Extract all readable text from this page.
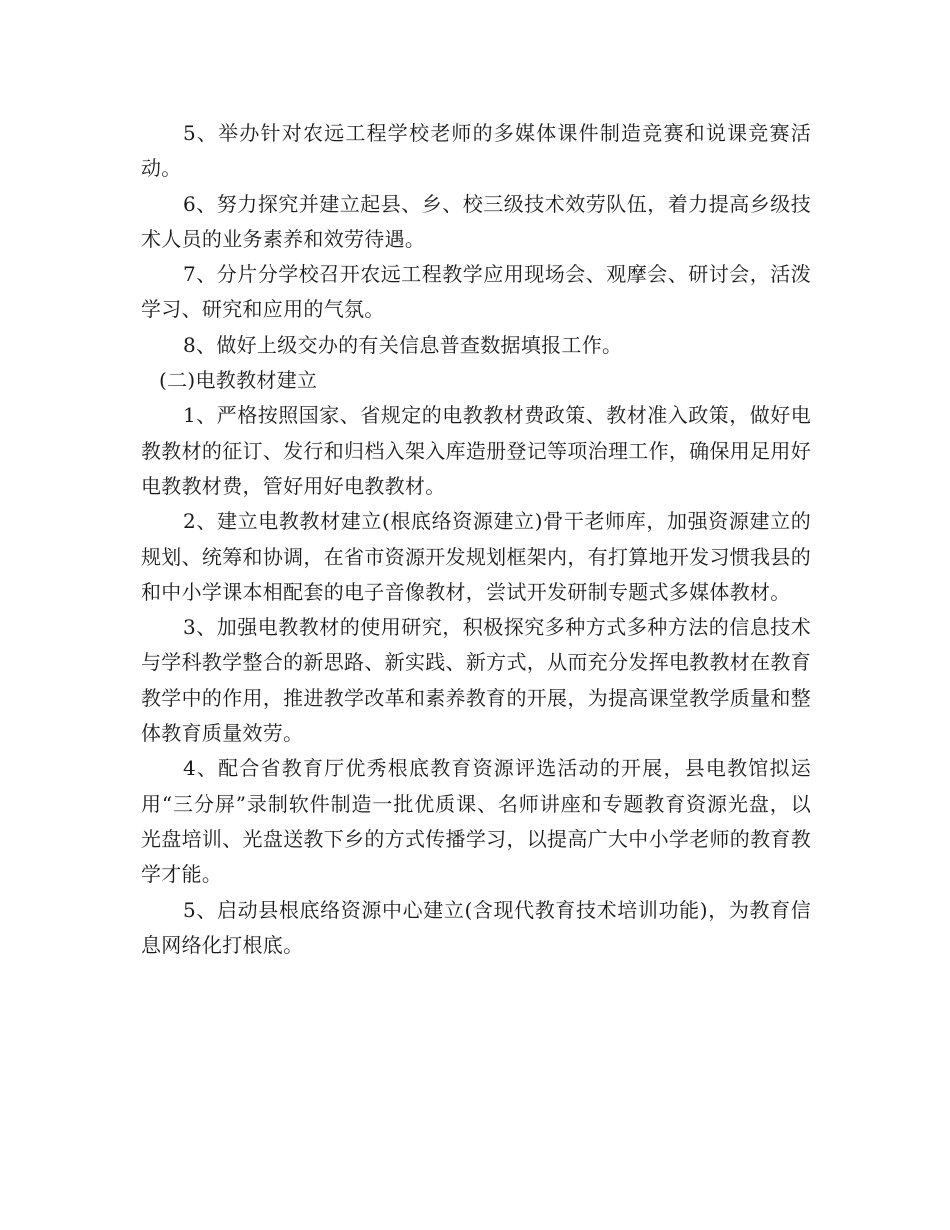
5、举办针对农远工程学校老师的多媒体课件制造竞赛和说课竞赛活动。

6、努力探究并建立起县、乡、校三级技术效劳队伍，着力提高乡级技术人员的业务素养和效劳待遇。

7、分片分学校召开农远工程教学应用现场会、观摩会、研讨会，活泼学习、研究和应用的气氛。

8、做好上级交办的有关信息普查数据填报工作。

(二)电教教材建立

1、严格按照国家、省规定的电教教材费政策、教材准入政策，做好电教教材的征订、发行和归档入架入库造册登记等项治理工作，确保用足用好电教教材费，管好用好电教教材。

2、建立电教教材建立(根底络资源建立)骨干老师库，加强资源建立的规划、统筹和协调，在省市资源开发规划框架内，有打算地开发习惯我县的和中小学课本相配套的电子音像教材，尝试开发研制专题式多媒体教材。

3、加强电教教材的使用研究，积极探究多种方式多种方法的信息技术与学科教学整合的新思路、新实践、新方式，从而充分发挥电教教材在教育教学中的作用，推进教学改革和素养教育的开展，为提高课堂教学质量和整体教育质量效劳。

4、配合省教育厅优秀根底教育资源评选活动的开展，县电教馆拟运用“三分屏”录制软件制造一批优质课、名师讲座和专题教育资源光盘，以光盘培训、光盘送教下乡的方式传播学习，以提高广大中小学老师的教育教学才能。

5、启动县根底络资源中心建立(含现代教育技术培训功能)，为教育信息网络化打根底。
